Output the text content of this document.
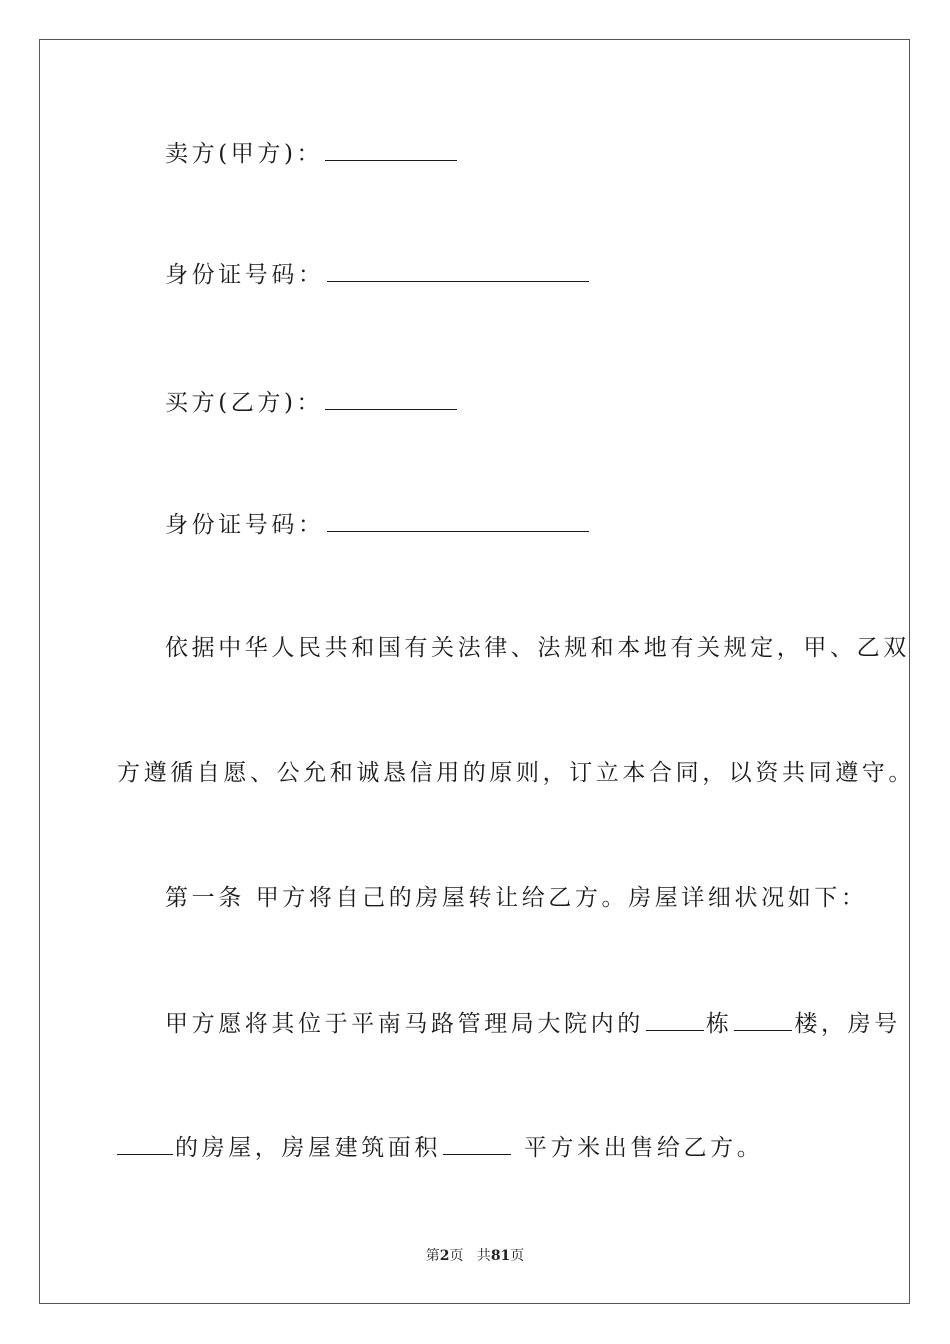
卖方(甲方)：
身份证号码：
买方(乙方)：
身份证号码：
依据中华人民共和国有关法律、法规和本地有关规定，甲、乙双
方遵循自愿、公允和诚恳信用的原则，订立本合同，以资共同遵守。
第一条 甲方将自己的房屋转让给乙方。房屋详细状况如下：
甲方愿将其位于平南马路管理局大院内的	栋	楼，房号
的房屋，房屋建筑面积	平方米出售给乙方。
第2页 共81页
